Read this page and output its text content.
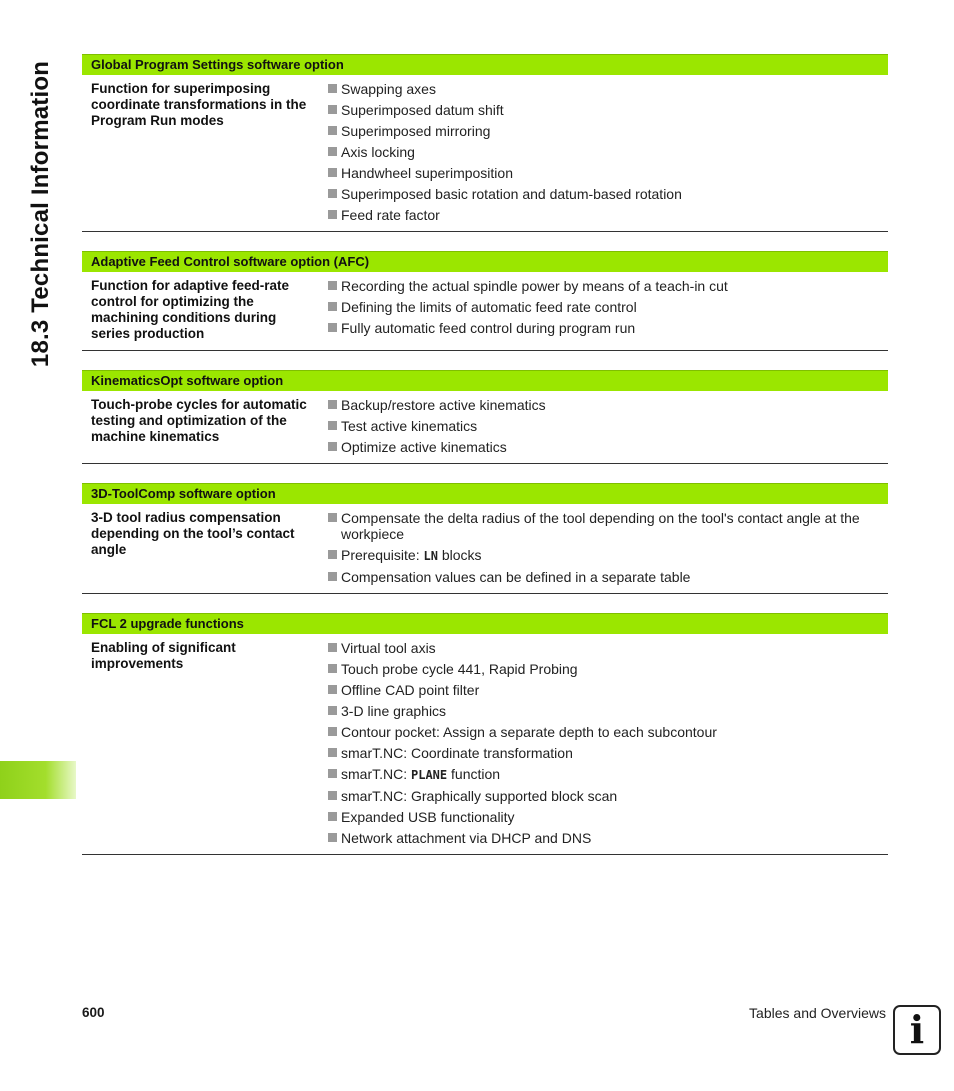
18.3 Technical Information	Global Program Settings software option
Function for superimposing coordinate transformations in the Program Run modes
Swapping axes
Superimposed datum shift
Superimposed mirroring
Axis locking
Handwheel superimposition
Superimposed basic rotation and datum-based rotation
Feed rate factor
Adaptive Feed Control software option (AFC)
Function for adaptive feed-rate control for optimizing the machining conditions during series production
Recording the actual spindle power by means of a teach-in cut
Defining the limits of automatic feed rate control
Fully automatic feed control during program run
KinematicsOpt software option
Touch-probe cycles for automatic testing and optimization of the machine kinematics
Backup/restore active kinematics
Test active kinematics
Optimize active kinematics
3D-ToolComp software option
3-D tool radius compensation depending on the tool’s contact angle
Compensate the delta radius of the tool depending on the tool's contact angle at the workpiece
Prerequisite: LN blocks
Compensation values can be defined in a separate table
FCL 2 upgrade functions
Enabling of significant improvements
Virtual tool axis
Touch probe cycle 441, Rapid Probing
Offline CAD point filter
3-D line graphics
Contour pocket: Assign a separate depth to each subcontour
smarT.NC: Coordinate transformation
smarT.NC: PLANE function
smarT.NC: Graphically supported block scan
Expanded USB functionality
Network attachment via DHCP and DNS
600	Tables and Overviews i
